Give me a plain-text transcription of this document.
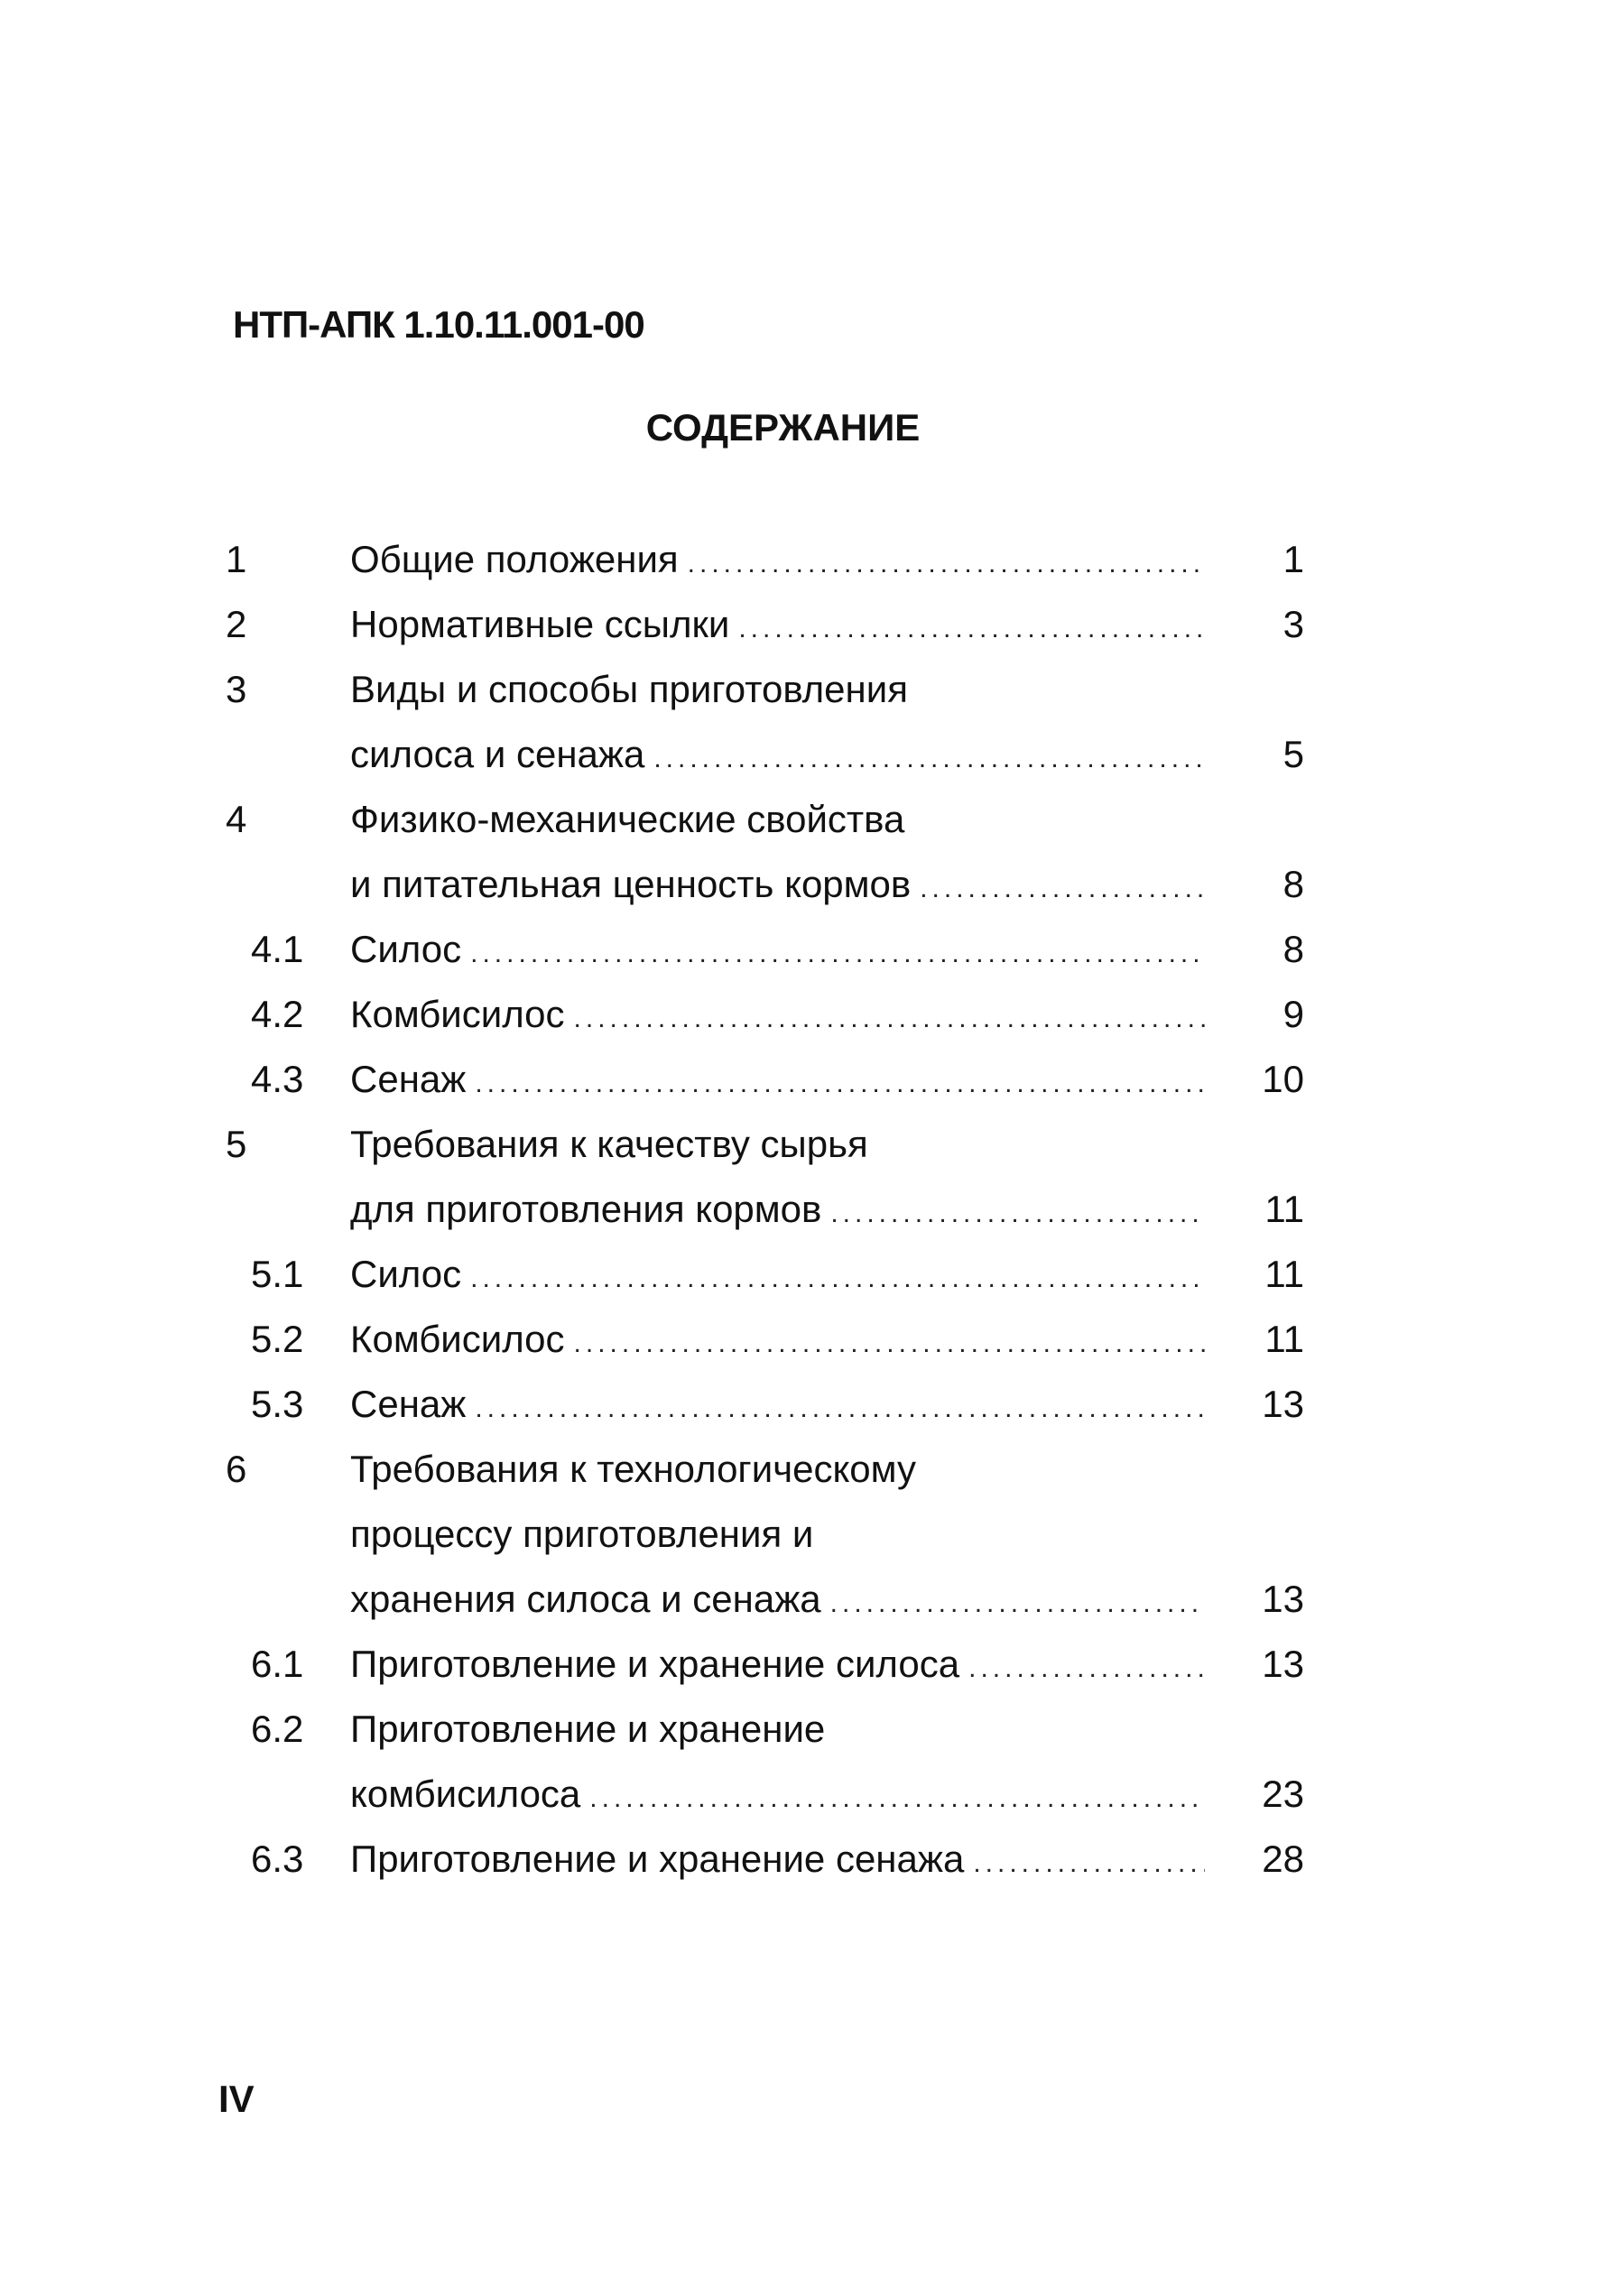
НТП-АПК 1.10.11.001-00
СОДЕРЖАНИЕ
1	Общие положения .....	1
2	Нормативные ссылки .....	3
3	Виды и способы приготовления
силоса и сенажа .....	5
4	Физико-механические свойства
и питательная ценность кормов .....	8
4.1 Силос .....	8
4.2 Комбисилос .....	9
4.3 Сенаж .....	10
5	Требования к качеству сырья
для приготовления кормов .....	11
5.1 Силос .....	11
5.2 Комбисилос .....	11
5.3 Сенаж .....	13
6	Требования к технологическому
процессу приготовления и
хранения силоса и сенажа .....	13
6.1 Приготовление и хранение силоса .....	13
6.2 Приготовление и хранение
комбисилоса .....	23
6.3 Приготовление и хранение сенажа .....	28
IV
